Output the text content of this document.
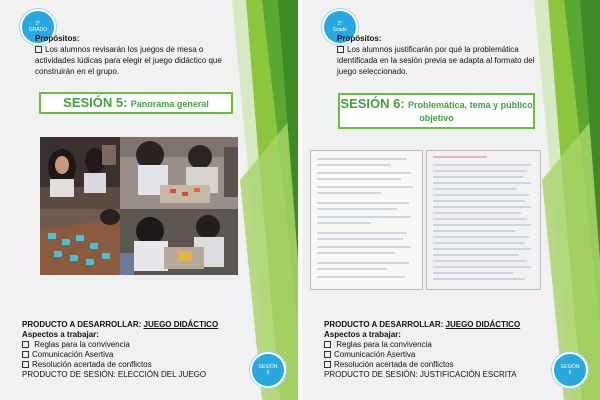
2°
GRADO
Propósitos:
Los alumnos revisarán los juegos de mesa o actividades lúdicas para elegir el juego didáctico que construirán en el grupo.
SESIÓN 5: Panorama general
PRODUCTO A DESARROLLAR: JUEGO DIDÁCTICO
Aspectos a trabajar:
Reglas para la convivencia
Comunicación Asertiva
Resolución acertada de conflictos
PRODUCTO DE SESIÓN: ELECCIÓN DEL JUEGO
SESIÓN
5
2°
Grado
Propósitos:
Los alumnos justificarán por qué la problemática identificada en la sesión previa se adapta al formato del juego seleccionado.
SESIÓN 6: Problemática, tema y público objetivo
PRODUCTO A DESARROLLAR: JUEGO DIDÁCTICO
Aspectos a trabajar:
Reglas para la convivencia
Comunicación Asertiva
Resolución acertada de conflictos
PRODUCTO DE SESIÓN: JUSTIFICACIÓN ESCRITA
SESIÓN
6
